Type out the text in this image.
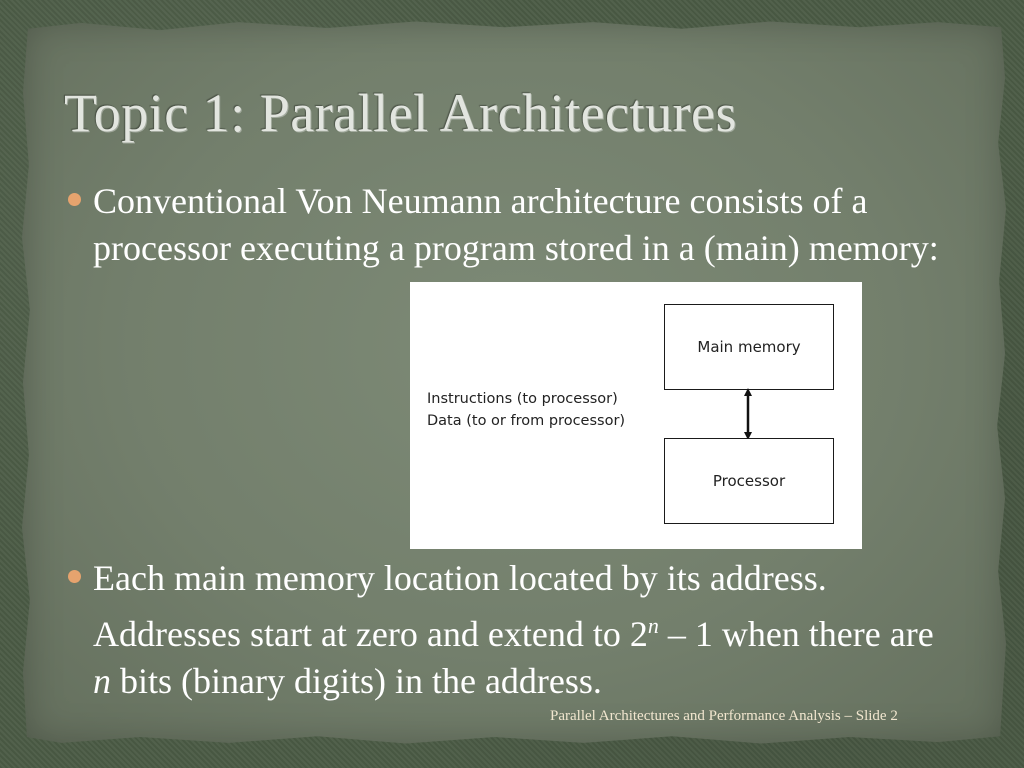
Topic 1: Parallel Architectures
Conventional Von Neumann architecture consists of a processor executing a program stored in a (main) memory:
Main memory
Processor
Instructions (to processor)
Data (to or from processor)
Each main memory location located by its address. Addresses start at zero and extend to 2$^n$ – 1 when there are n bits (binary digits) in the address.
Parallel Architectures and Performance Analysis – Slide 2
